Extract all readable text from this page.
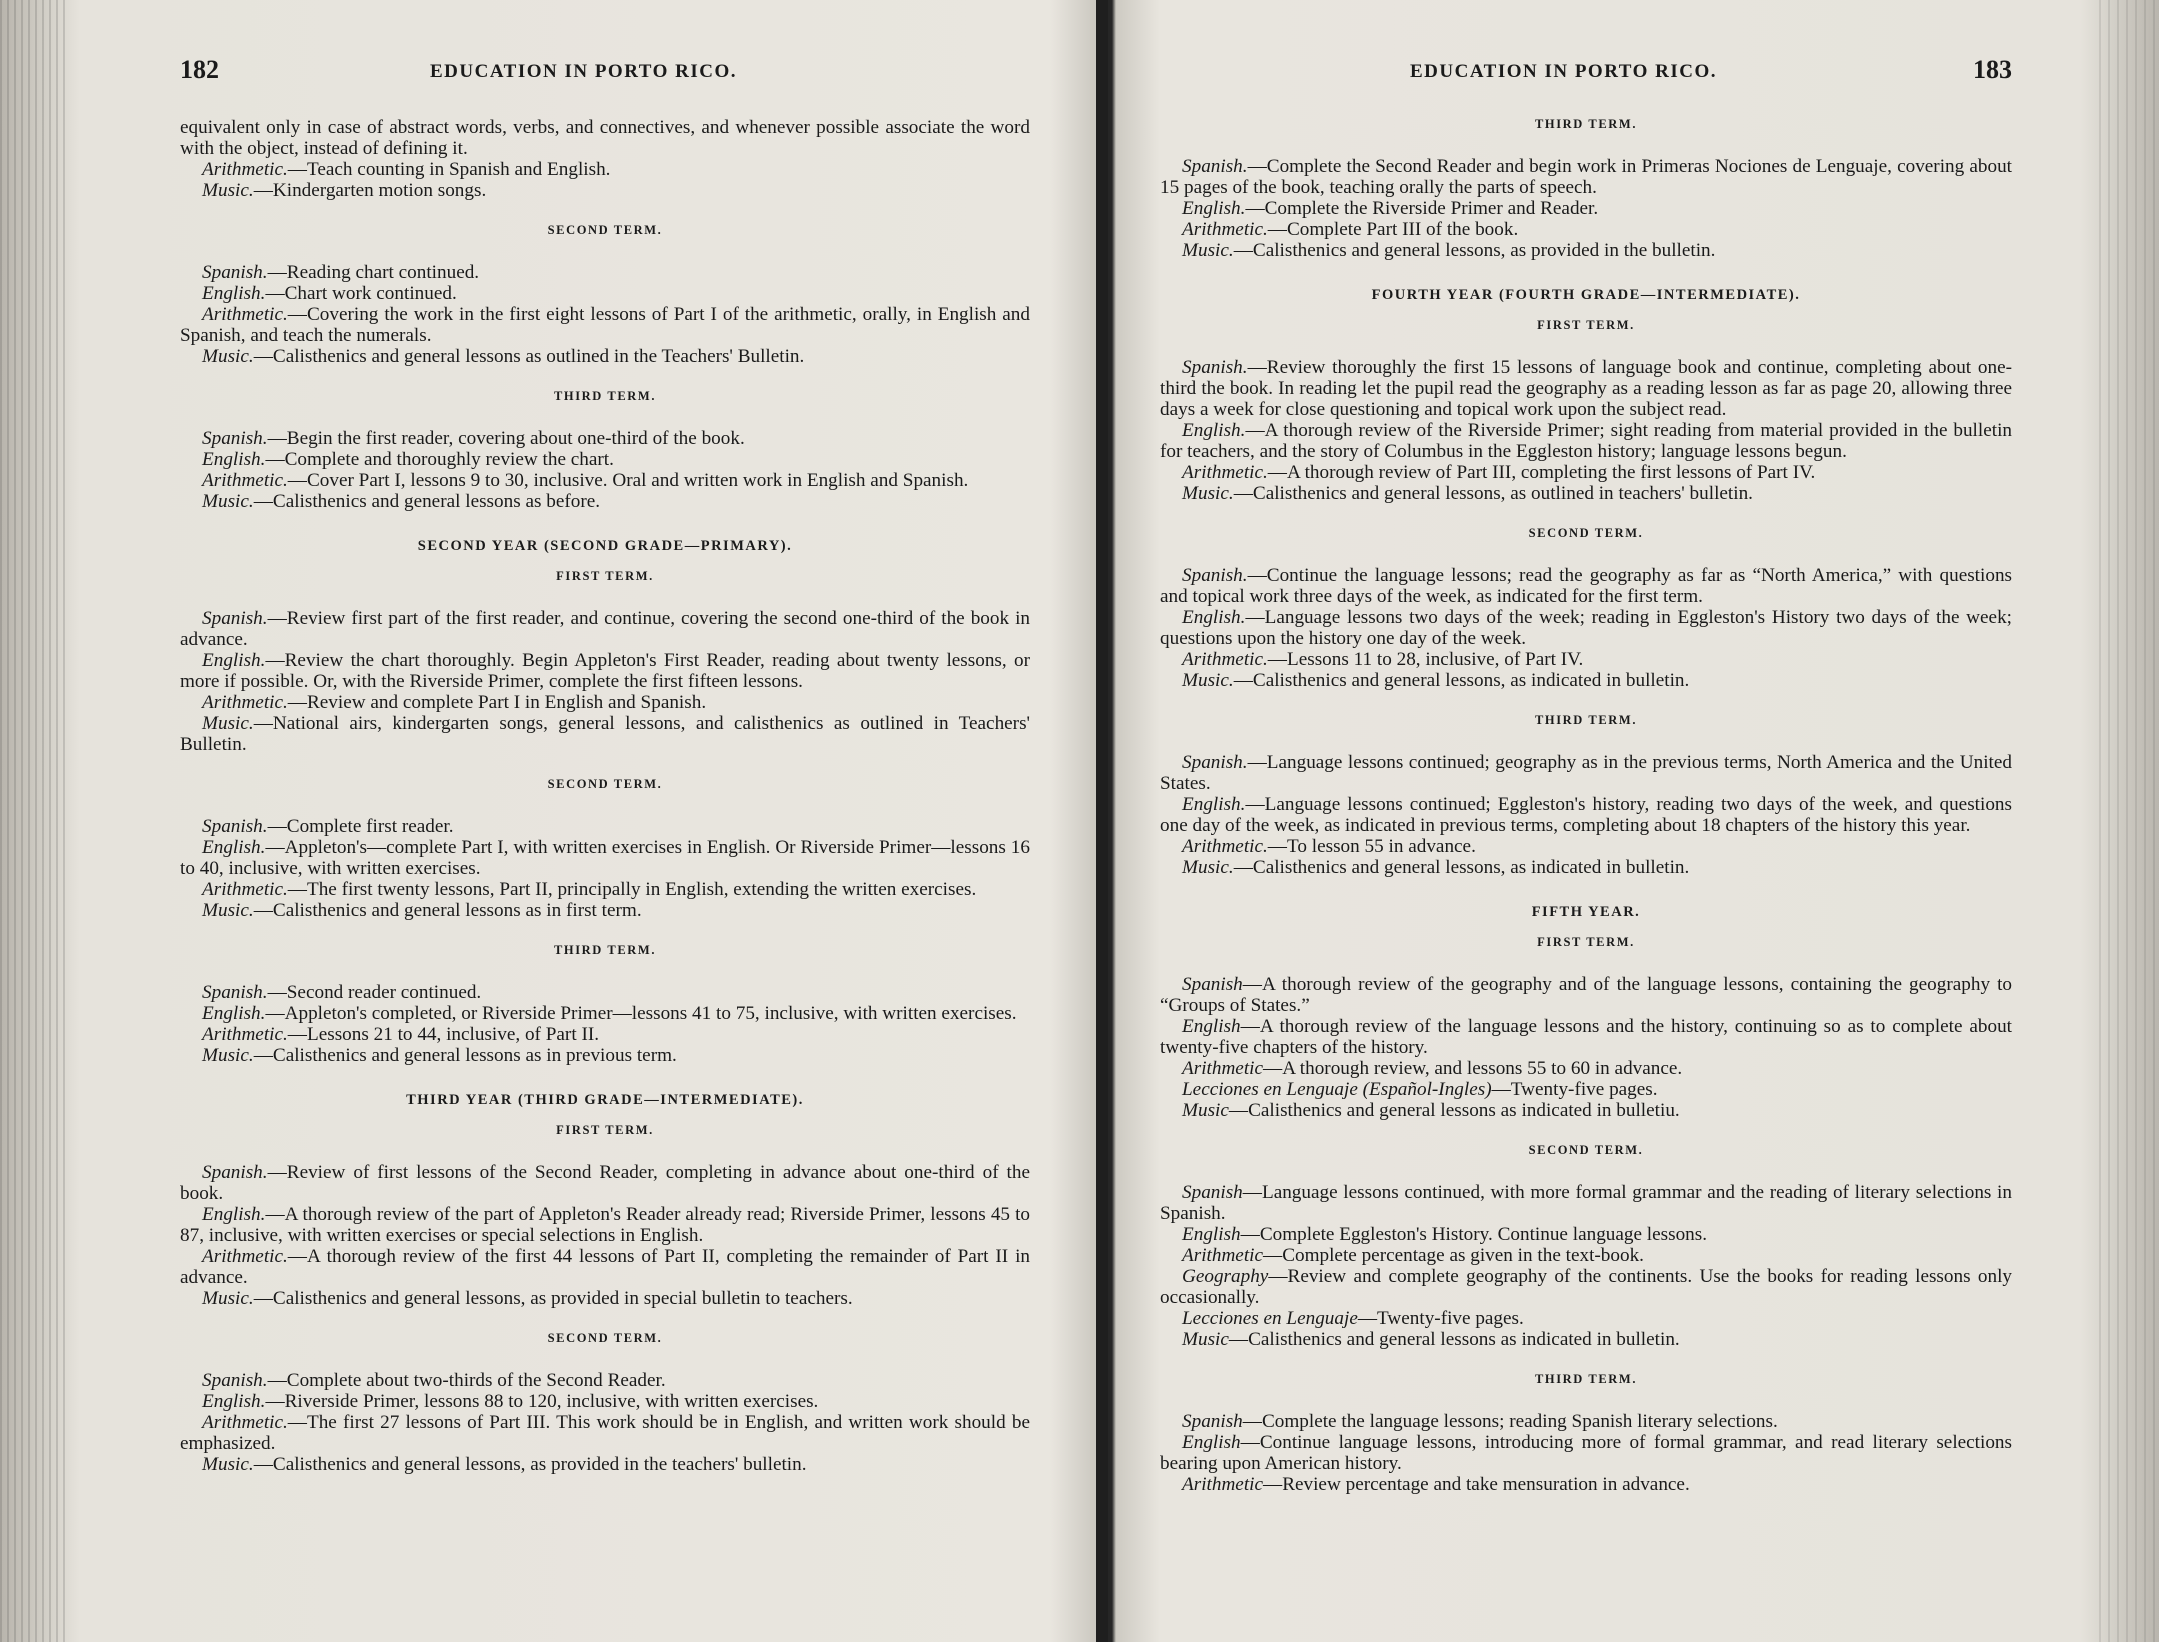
182	EDUCATION IN PORTO RICO.

equivalent only in case of abstract words, verbs, and connectives, and whenever possible associate the word with the object, instead of defining it.

Arithmetic.—Teach counting in Spanish and English.

Music.—Kindergarten motion songs.

SECOND TERM.

Spanish.—Reading chart continued.

English.—Chart work continued.

Arithmetic.—Covering the work in the first eight lessons of Part I of the arithmetic, orally, in English and Spanish, and teach the numerals.

Music.—Calisthenics and general lessons as outlined in the Teachers' Bulletin.

THIRD TERM.

Spanish.—Begin the first reader, covering about one-third of the book.

English.—Complete and thoroughly review the chart.

Arithmetic.—Cover Part I, lessons 9 to 30, inclusive. Oral and written work in English and Spanish.

Music.—Calisthenics and general lessons as before.

SECOND YEAR (SECOND GRADE—PRIMARY).
FIRST TERM.

Spanish.—Review first part of the first reader, and continue, covering the second one-third of the book in advance.

English.—Review the chart thoroughly. Begin Appleton's First Reader, reading about twenty lessons, or more if possible. Or, with the Riverside Primer, complete the first fifteen lessons.

Arithmetic.—Review and complete Part I in English and Spanish.

Music.—National airs, kindergarten songs, general lessons, and calisthenics as outlined in Teachers' Bulletin.

SECOND TERM.

Spanish.—Complete first reader.

English.—Appleton's—complete Part I, with written exercises in English. Or Riverside Primer—lessons 16 to 40, inclusive, with written exercises.

Arithmetic.—The first twenty lessons, Part II, principally in English, extending the written exercises.

Music.—Calisthenics and general lessons as in first term.

THIRD TERM.

Spanish.—Second reader continued.

English.—Appleton's completed, or Riverside Primer—lessons 41 to 75, inclusive, with written exercises.

Arithmetic.—Lessons 21 to 44, inclusive, of Part II.

Music.—Calisthenics and general lessons as in previous term.

THIRD YEAR (THIRD GRADE—INTERMEDIATE).
FIRST TERM.

Spanish.—Review of first lessons of the Second Reader, completing in advance about one-third of the book.

English.—A thorough review of the part of Appleton's Reader already read; Riverside Primer, lessons 45 to 87, inclusive, with written exercises or special selections in English.

Arithmetic.—A thorough review of the first 44 lessons of Part II, completing the remainder of Part II in advance.

Music.—Calisthenics and general lessons, as provided in special bulletin to teachers.

SECOND TERM.

Spanish.—Complete about two-thirds of the Second Reader.

English.—Riverside Primer, lessons 88 to 120, inclusive, with written exercises.

Arithmetic.—The first 27 lessons of Part III. This work should be in English, and written work should be emphasized.

Music.—Calisthenics and general lessons, as provided in the teachers' bulletin.

EDUCATION IN PORTO RICO.	183
THIRD TERM.

Spanish.—Complete the Second Reader and begin work in Primeras Nociones de Lenguaje, covering about 15 pages of the book, teaching orally the parts of speech.

English.—Complete the Riverside Primer and Reader.

Arithmetic.—Complete Part III of the book.

Music.—Calisthenics and general lessons, as provided in the bulletin.

FOURTH YEAR (FOURTH GRADE—INTERMEDIATE).
FIRST TERM.

Spanish.—Review thoroughly the first 15 lessons of language book and continue, completing about one-third the book. In reading let the pupil read the geography as a reading lesson as far as page 20, allowing three days a week for close questioning and topical work upon the subject read.

English.—A thorough review of the Riverside Primer; sight reading from material provided in the bulletin for teachers, and the story of Columbus in the Eggleston history; language lessons begun.

Arithmetic.—A thorough review of Part III, completing the first lessons of Part IV.

Music.—Calisthenics and general lessons, as outlined in teachers' bulletin.

SECOND TERM.

Spanish.—Continue the language lessons; read the geography as far as “North America,” with questions and topical work three days of the week, as indicated for the first term.

English.—Language lessons two days of the week; reading in Eggleston's History two days of the week; questions upon the history one day of the week.

Arithmetic.—Lessons 11 to 28, inclusive, of Part IV.

Music.—Calisthenics and general lessons, as indicated in bulletin.

THIRD TERM.

Spanish.—Language lessons continued; geography as in the previous terms, North America and the United States.

English.—Language lessons continued; Eggleston's history, reading two days of the week, and questions one day of the week, as indicated in previous terms, completing about 18 chapters of the history this year.

Arithmetic.—To lesson 55 in advance.

Music.—Calisthenics and general lessons, as indicated in bulletin.

FIFTH YEAR.
FIRST TERM.

Spanish—A thorough review of the geography and of the language lessons, containing the geography to “Groups of States.”

English—A thorough review of the language lessons and the history, continuing so as to complete about twenty-five chapters of the history.

Arithmetic—A thorough review, and lessons 55 to 60 in advance.

Lecciones en Lenguaje (Español-Ingles)—Twenty-five pages.

Music—Calisthenics and general lessons as indicated in bulletiu.

SECOND TERM.

Spanish—Language lessons continued, with more formal grammar and the reading of literary selections in Spanish.

English—Complete Eggleston's History. Continue language lessons.

Arithmetic—Complete percentage as given in the text-book.

Geography—Review and complete geography of the continents. Use the books for reading lessons only occasionally.

Lecciones en Lenguaje—Twenty-five pages.

Music—Calisthenics and general lessons as indicated in bulletin.

THIRD TERM.

Spanish—Complete the language lessons; reading Spanish literary selections.

English—Continue language lessons, introducing more of formal grammar, and read literary selections bearing upon American history.

Arithmetic—Review percentage and take mensuration in advance.
